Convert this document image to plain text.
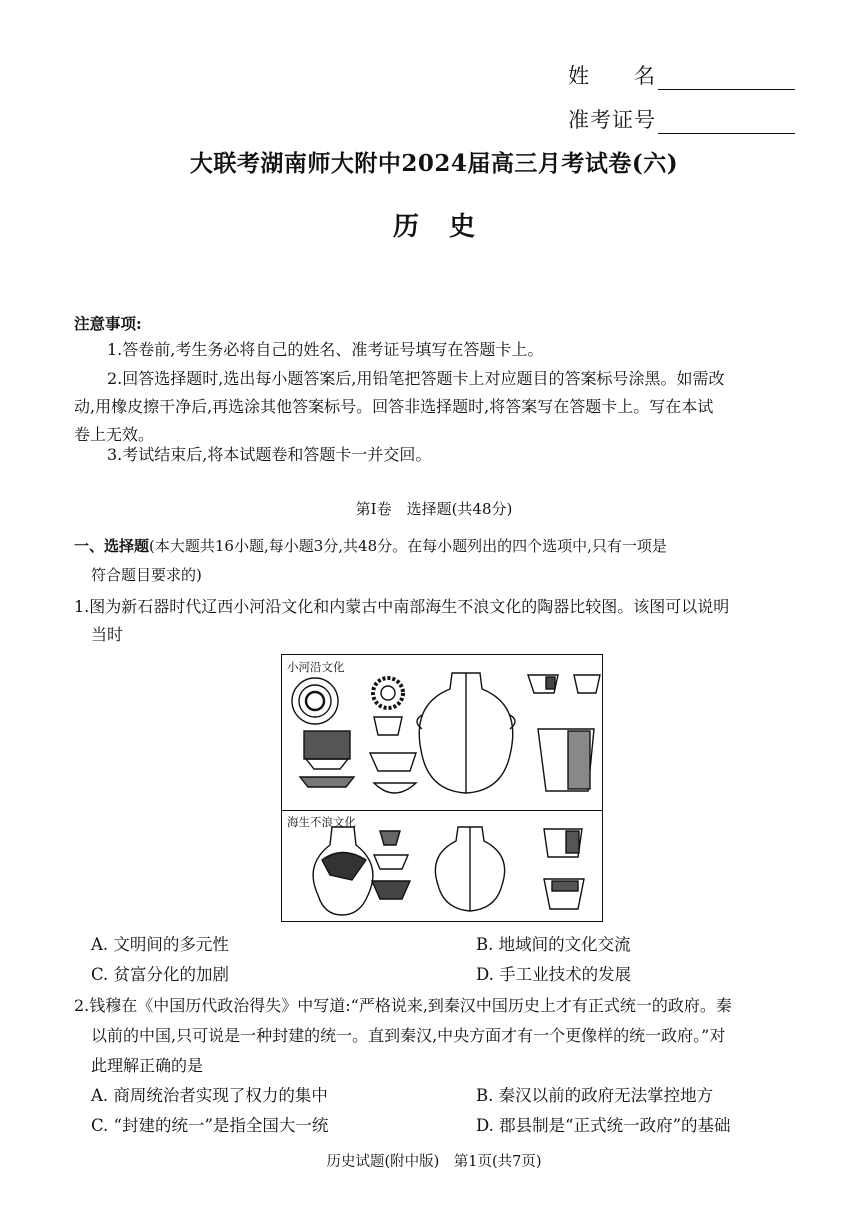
姓　　名
准考证号
大联考湖南师大附中2024届高三月考试卷(六)
历史
注意事项:
1.答卷前,考生务必将自己的姓名、准考证号填写在答题卡上。
2.回答选择题时,选出每小题答案后,用铅笔把答题卡上对应题目的答案标号涂黑。如需改
动,用橡皮擦干净后,再选涂其他答案标号。回答非选择题时,将答案写在答题卡上。写在本试
卷上无效。
3.考试结束后,将本试题卷和答题卡一并交回。
第Ⅰ卷　选择题(共48分)
一、选择题(本大题共16小题,每小题3分,共48分。在每小题列出的四个选项中,只有一项是
符合题目要求的)
1.图为新石器时代辽西小河沿文化和内蒙古中南部海生不浪文化的陶器比较图。该图可以说明
当时
小河沿文化
海生不浪文化
A. 文明间的多元性	B. 地域间的文化交流
C. 贫富分化的加剧	D. 手工业技术的发展
2.钱穆在《中国历代政治得失》中写道:“严格说来,到秦汉中国历史上才有正式统一的政府。秦
以前的中国,只可说是一种封建的统一。直到秦汉,中央方面才有一个更像样的统一政府。”对
此理解正确的是
A. 商周统治者实现了权力的集中	B. 秦汉以前的政府无法掌控地方
C. “封建的统一”是指全国大一统	D. 郡县制是“正式统一政府”的基础
历史试题(附中版)　第1页(共7页)
